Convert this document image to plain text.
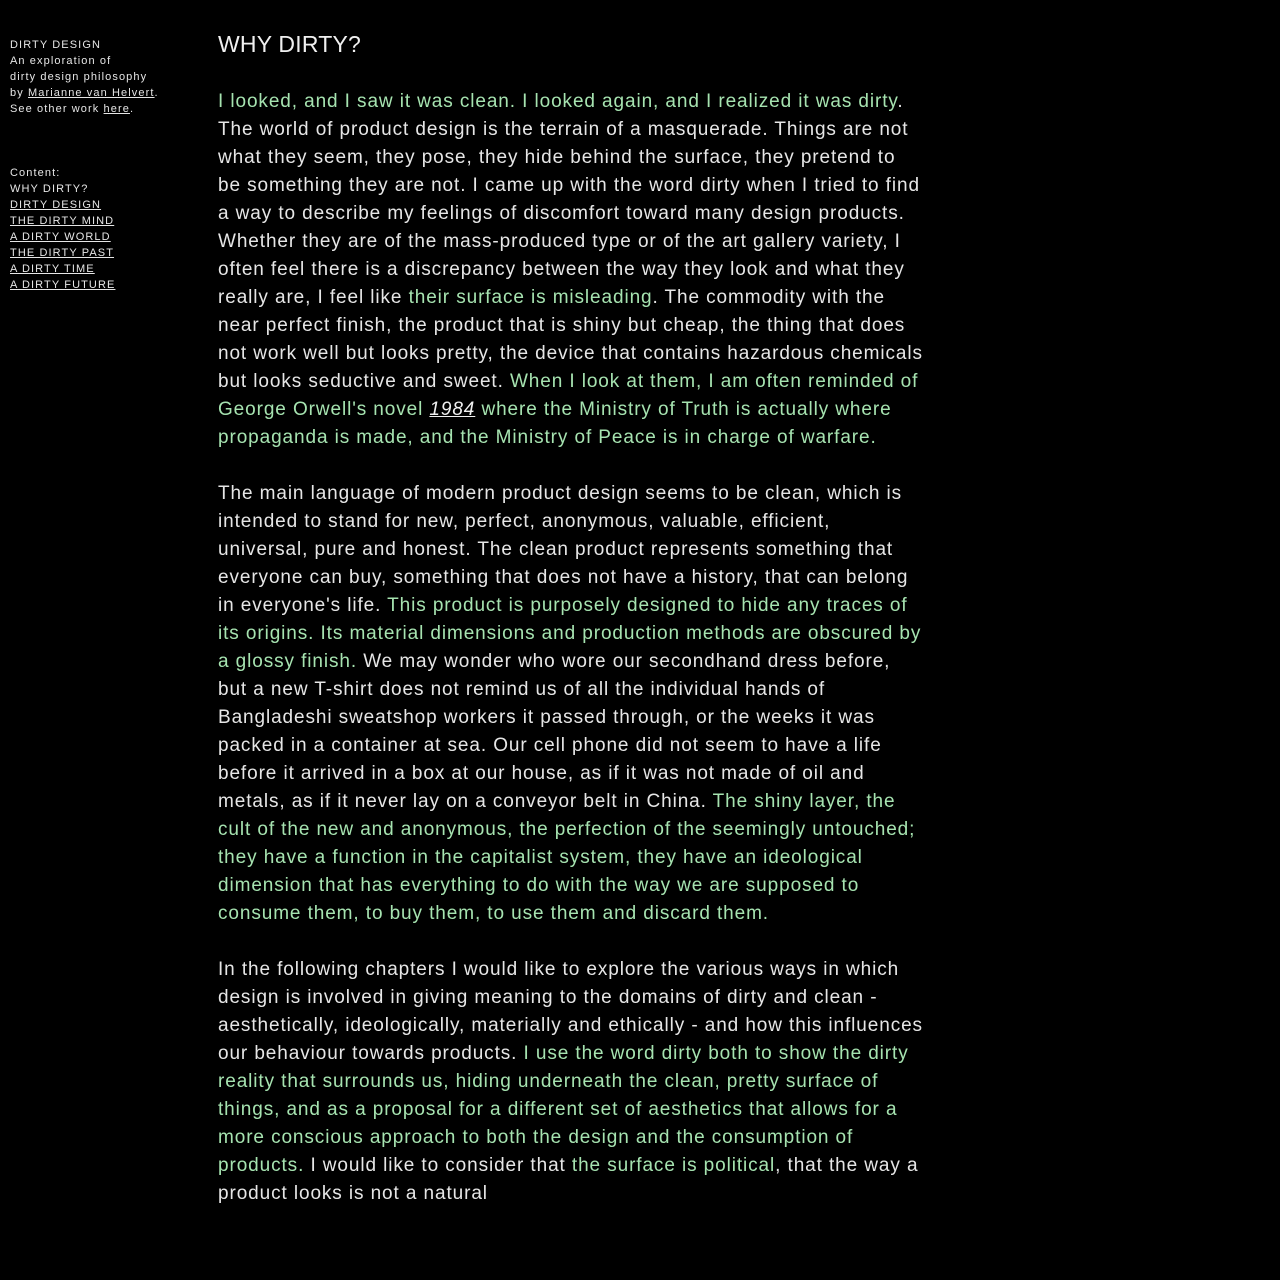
DIRTY DESIGN
An exploration of
dirty design philosophy
by Marianne van Helvert.
See other work here.
Content:
WHY DIRTY?
DIRTY DESIGN
THE DIRTY MIND
A DIRTY WORLD
THE DIRTY PAST
A DIRTY TIME
A DIRTY FUTURE
WHY DIRTY?

I looked, and I saw it was clean. I looked again, and I realized it was dirty. The world of product design is the terrain of a masquerade. Things are not what they seem, they pose, they hide behind the surface, they pretend to be something they are not. I came up with the word dirty when I tried to find a way to describe my feelings of discomfort toward many design products. Whether they are of the mass-produced type or of the art gallery variety, I often feel there is a discrepancy between the way they look and what they really are, I feel like their surface is misleading. The commodity with the near perfect finish, the product that is shiny but cheap, the thing that does not work well but looks pretty, the device that contains hazardous chemicals but looks seductive and sweet. When I look at them, I am often reminded of George Orwell's novel 1984 where the Ministry of Truth is actually where propaganda is made, and the Ministry of Peace is in charge of warfare.

The main language of modern product design seems to be clean, which is intended to stand for new, perfect, anonymous, valuable, efficient, universal, pure and honest. The clean product represents something that everyone can buy, something that does not have a history, that can belong in everyone's life. This product is purposely designed to hide any traces of its origins. Its material dimensions and production methods are obscured by a glossy finish. We may wonder who wore our secondhand dress before, but a new T-shirt does not remind us of all the individual hands of Bangladeshi sweatshop workers it passed through, or the weeks it was packed in a container at sea. Our cell phone did not seem to have a life before it arrived in a box at our house, as if it was not made of oil and metals, as if it never lay on a conveyor belt in China. The shiny layer, the cult of the new and anonymous, the perfection of the seemingly untouched; they have a function in the capitalist system, they have an ideological dimension that has everything to do with the way we are supposed to consume them, to buy them, to use them and discard them.

In the following chapters I would like to explore the various ways in which design is involved in giving meaning to the domains of dirty and clean - aesthetically, ideologically, materially and ethically - and how this influences our behaviour towards products. I use the word dirty both to show the dirty reality that surrounds us, hiding underneath the clean, pretty surface of things, and as a proposal for a different set of aesthetics that allows for a more conscious approach to both the design and the consumption of products. I would like to consider that the surface is political, that the way a product looks is not a natural
